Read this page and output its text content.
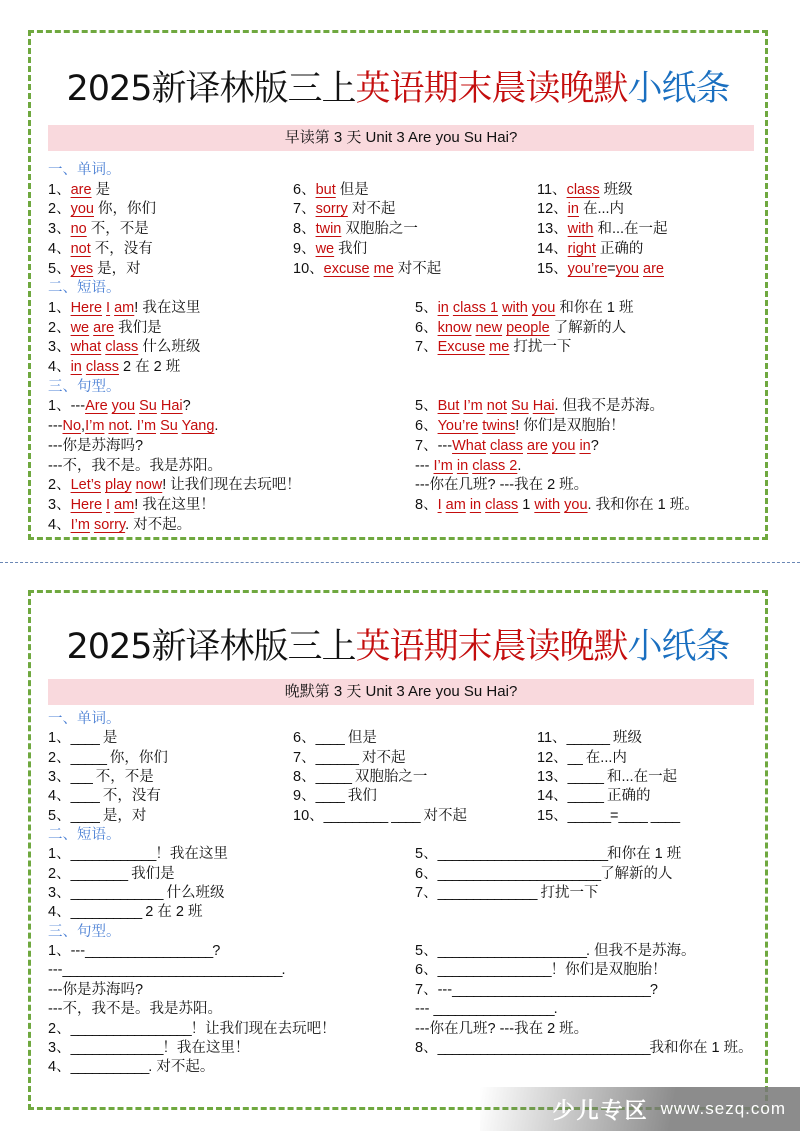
2025新译林版三上英语期末晨读晚默小纸条
早读第 3 天 Unit 3 Are you Su Hai?
一、单词。
1、are 是
2、you 你，你们
3、no 不，不是
4、not 不，没有
5、yes 是，对
6、but 但是
7、sorry 对不起
8、twin 双胞胎之一
9、we 我们
10、excuse me 对不起
11、class 班级
12、in 在...内
13、with 和...在一起
14、right 正确的
15、you’re=you are
二、短语。
1、Here I am! 我在这里
2、we are 我们是
3、what class 什么班级
4、in class 2 在 2 班
5、in class 1 with you 和你在 1 班
6、know new people 了解新的人
7、Excuse me 打扰一下
三、句型。
1、---Are you Su Hai?
---No,I’m not. I’m Su Yang.
---你是苏海吗?
---不，我不是。我是苏阳。
2、Let’s play now! 让我们现在去玩吧！
3、Here I am! 我在这里！
4、I’m sorry. 对不起。
5、But I’m not Su Hai. 但我不是苏海。
6、You’re twins! 你们是双胞胎！
7、---What class are you in?
--- I’m in class 2.
---你在几班? ---我在 2 班。
8、I am in class 1 with you. 我和你在 1 班。
2025新译林版三上英语期末晨读晚默小纸条
晚默第 3 天 Unit 3 Are you Su Hai?
一、单词。
1、____ 是
2、_____ 你，你们
3、___ 不，不是
4、____ 不，没有
5、____ 是，对
6、____ 但是
7、______ 对不起
8、_____ 双胞胎之一
9、____ 我们
10、_________ ____ 对不起
11、______ 班级
12、__ 在...内
13、_____ 和...在一起
14、_____ 正确的
15、______=____ ____
二、短语。
1、____________！我在这里
2、________ 我们是
3、_____________ 什么班级
4、__________ 2 在 2 班
5、________________________和你在 1 班
6、_______________________了解新的人
7、______________ 打扰一下
三、句型。
1、---__________________?
---_______________________________.
---你是苏海吗?
---不，我不是。我是苏阳。
2、_________________！让我们现在去玩吧！
3、_____________！我在这里！
4、___________. 对不起。
5、_____________________. 但我不是苏海。
6、________________！你们是双胞胎！
7、---____________________________?
--- _________________.
---你在几班? ---我在 2 班。
8、______________________________我和你在 1 班。
少儿专区 www.sezq.com
